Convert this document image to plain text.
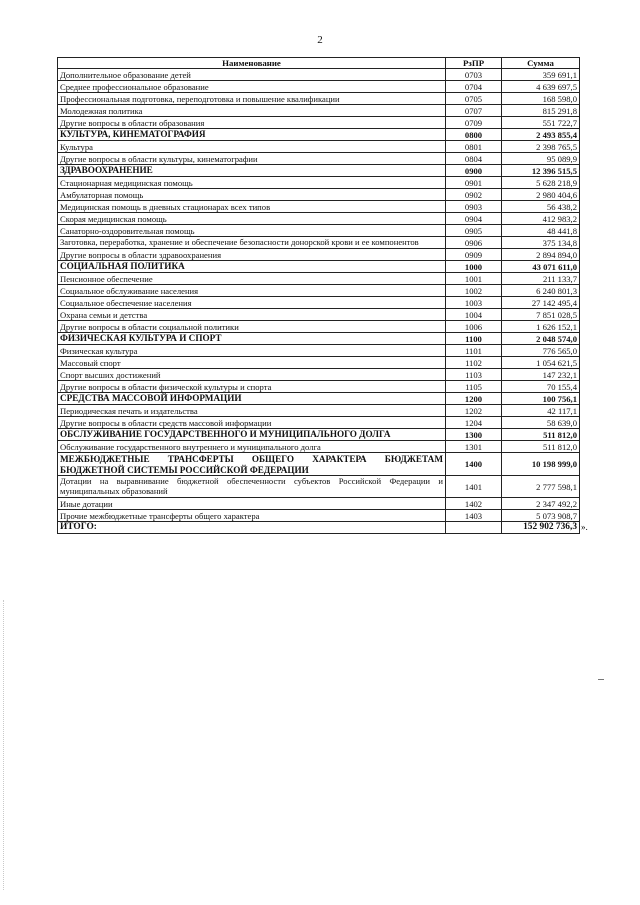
2
Наименование	РзПР	Сумма	
Дополнительное образование детей	0703	359 691,1	
Среднее профессиональное образование	0704	4 639 697,5	
Профессиональная подготовка, переподготовка и повышение квалификации	0705	168 598,0	
Молодежная политика	0707	815 291,8	
Другие вопросы в области образования	0709	551 722,7	
КУЛЬТУРА, КИНЕМАТОГРАФИЯ	0800	2 493 855,4	
Культура	0801	2 398 765,5	
Другие вопросы в области культуры, кинематографии	0804	95 089,9	
ЗДРАВООХРАНЕНИЕ	0900	12 396 515,5	
Стационарная медицинская помощь	0901	5 628 218,9	
Амбулаторная помощь	0902	2 980 404,6	
Медицинская помощь в дневных стационарах всех типов	0903	56 438,2	
Скорая медицинская помощь	0904	412 983,2	
Санаторно-оздоровительная помощь	0905	48 441,8	
Заготовка, переработка, хранение и обеспечение безопасности донорской крови и ее компонентов	0906	375 134,8	
Другие вопросы в области здравоохранения	0909	2 894 894,0	
СОЦИАЛЬНАЯ ПОЛИТИКА	1000	43 071 611,0	
Пенсионное обеспечение	1001	211 133,7	
Социальное обслуживание населения	1002	6 240 801,3	
Социальное обеспечение населения	1003	27 142 495,4	
Охрана семьи и детства	1004	7 851 028,5	
Другие вопросы в области социальной политики	1006	1 626 152,1	
ФИЗИЧЕСКАЯ КУЛЬТУРА И СПОРТ	1100	2 048 574,0	
Физическая культура	1101	776 565,0	
Массовый спорт	1102	1 054 621,5	
Спорт высших достижений	1103	147 232,1	
Другие вопросы в области физической культуры и спорта	1105	70 155,4	
СРЕДСТВА МАССОВОЙ ИНФОРМАЦИИ	1200	100 756,1	
Периодическая печать и издательства	1202	42 117,1	
Другие вопросы в области средств массовой информации	1204	58 639,0	
ОБСЛУЖИВАНИЕ ГОСУДАРСТВЕННОГО И МУНИЦИПАЛЬНОГО ДОЛГА	1300	511 812,0	
Обслуживание государственного внутреннего и муниципального долга	1301	511 812,0	
МЕЖБЮДЖЕТНЫЕ ТРАНСФЕРТЫ ОБЩЕГО ХАРАКТЕРА БЮДЖЕТАМ БЮДЖЕТНОЙ СИСТЕМЫ РОССИЙСКОЙ ФЕДЕРАЦИИ	1400	10 198 999,0	
Дотации на выравнивание бюджетной обеспеченности субъектов Российской Федерации и муниципальных образований	1401	2 777 598,1	
Иные дотации	1402	2 347 492,2	
Прочие межбюджетные трансферты общего характера	1403	5 073 908,7	
ИТОГО:		152 902 736,3	».
